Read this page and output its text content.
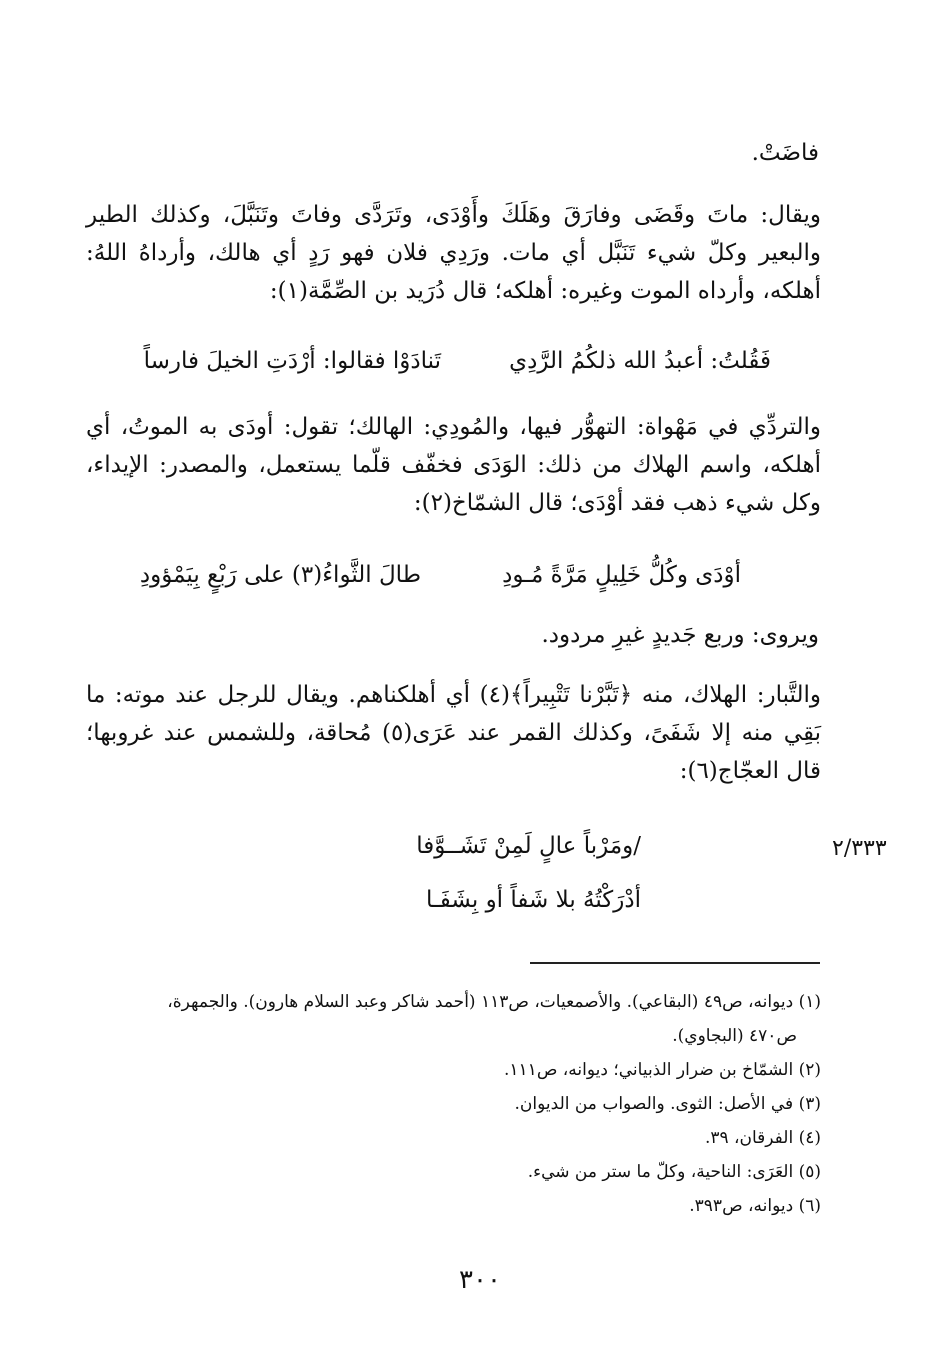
فاضَتْ.
ويقال: ماتَ وقَضَى وفارَقَ وهَلَكَ وأَوْدَى، وتَرَدَّى وفاتَ وتَنَبَّلَ، وكذلك الطير والبعير وكلّ شيء تَنَبَّل أي مات. ورَدِي فلان فهو رَدٍ أي هالك، وأرداهُ اللهُ: أهلكه، وأرداه الموت وغيره: أهلكه؛ قال دُرَيد بن الصِّمَّة(١):
فَقُلتُ: أعبدُ الله ذلكُمُ الرَّدِي
تَنادَوْا فقالوا: أرْدَتِ الخيلَ فارساً
والتردِّي في مَهْواة: التهوُّر فيها، والمُودِي: الهالك؛ تقول: أودَى به الموتُ، أي أهلكه، واسم الهلاك من ذلك: الوَدَى فخفّف قلّما يستعمل، والمصدر: الإيداء، وكل شيء ذهب فقد أوْدَى؛ قال الشمّاخ(٢):
أوْدَى وكُلُّ خَلِيلٍ مَرَّةً مُـودِ
طالَ الثَّواءُ(٣) على رَبْعٍ بِيَمْؤودِ
ويروى: وربع جَديدٍ غيرِ مردود.
والتَّبار: الهلاك، منه ﴿تَبَّرْنا تَتْبِيراً﴾(٤) أي أهلكناهم. ويقال للرجل عند موته: ما بَقِي منه إلا شَفَىً، وكذلك القمر عند عَرَى(٥) مُحاقة، وللشمس عند غروبها؛ قال العجّاج(٦):
٢/٣٣٣
/ومَرْباً عالٍ لَمِنْ تَشَــوَّفا
أدْرَكْتُهُ بلا شَفاً أو بِشَفَـا
(١) ديوانه، ص٤٩ (البقاعي). والأصمعيات، ص١١٣ (أحمد شاكر وعبد السلام هارون). والجمهرة،
ص٤٧٠ (البجاوي).
(٢) الشمّاخ بن ضرار الذبياني؛ ديوانه، ص١١١.
(٣) في الأصل: الثوى. والصواب من الديوان.
(٤) الفرقان، ٣٩.
(٥) العَرَى: الناحية، وكلّ ما ستر من شيء.
(٦) ديوانه، ص٣٩٣.
٣٠٠
